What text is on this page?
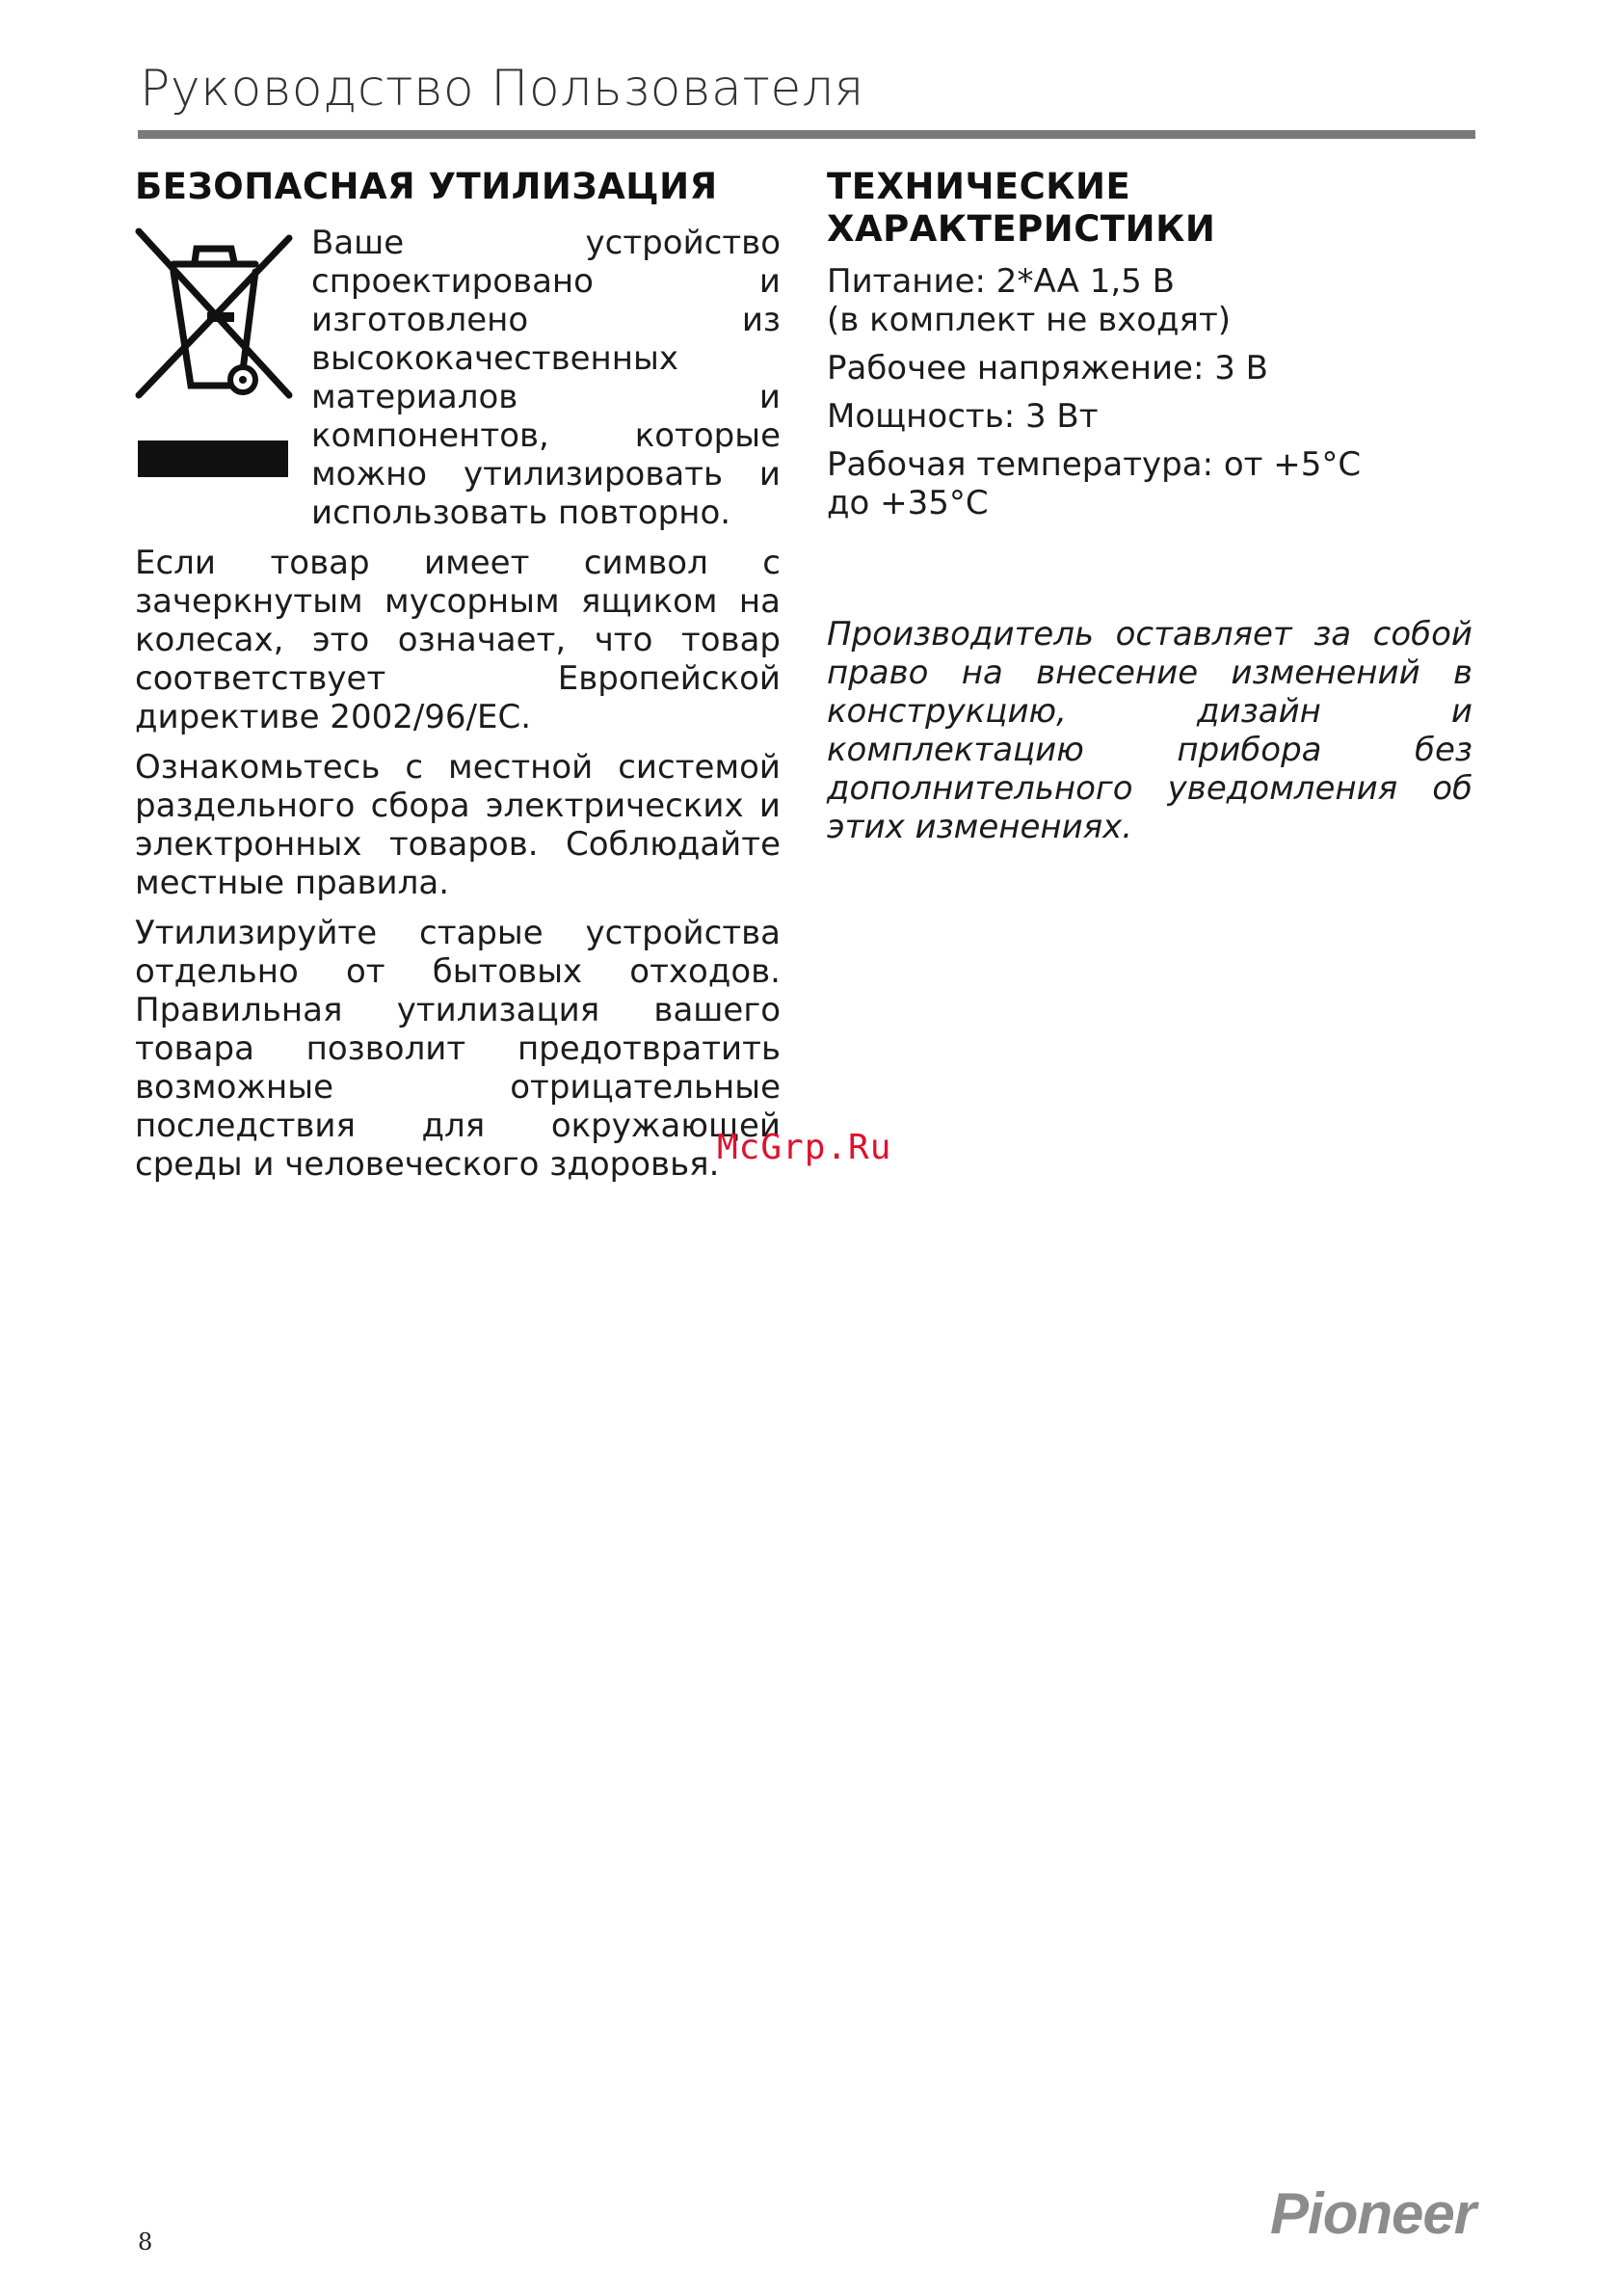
Руководство Пользователя
БЕЗОПАСНАЯ УТИЛИЗАЦИЯ

Ваше устройство спроектировано и изготовлено из высококачественных материалов и компонентов, которые можно утилизировать и использовать повторно.

Если товар имеет символ с зачеркнутым мусорным ящиком на колесах, это означает, что товар соответствует Европейской директиве 2002/96/EC.

Ознакомьтесь с местной системой раздельного сбора электрических и электронных товаров. Соблюдайте местные правила.

Утилизируйте старые устройства отдельно от бытовых отходов. Правильная утилизация вашего товара позволит предотвратить возможные отрицательные последствия для окружающей среды и человеческого здоровья.

ТЕХНИЧЕСКИЕ
ХАРАКТЕРИСТИКИ
Питание: 2*AA 1,5 В
(в комплект не входят)
Рабочее напряжение: 3 В
Мощность: 3 Вт
Рабочая температура: от +5°С
до +35°С

Производитель оставляет за собой право на внесение изменений в конструкцию, дизайн и комплектацию прибора без дополнительного уведомления об этих изменениях.

McGrp.Ru
8	Pioneer
